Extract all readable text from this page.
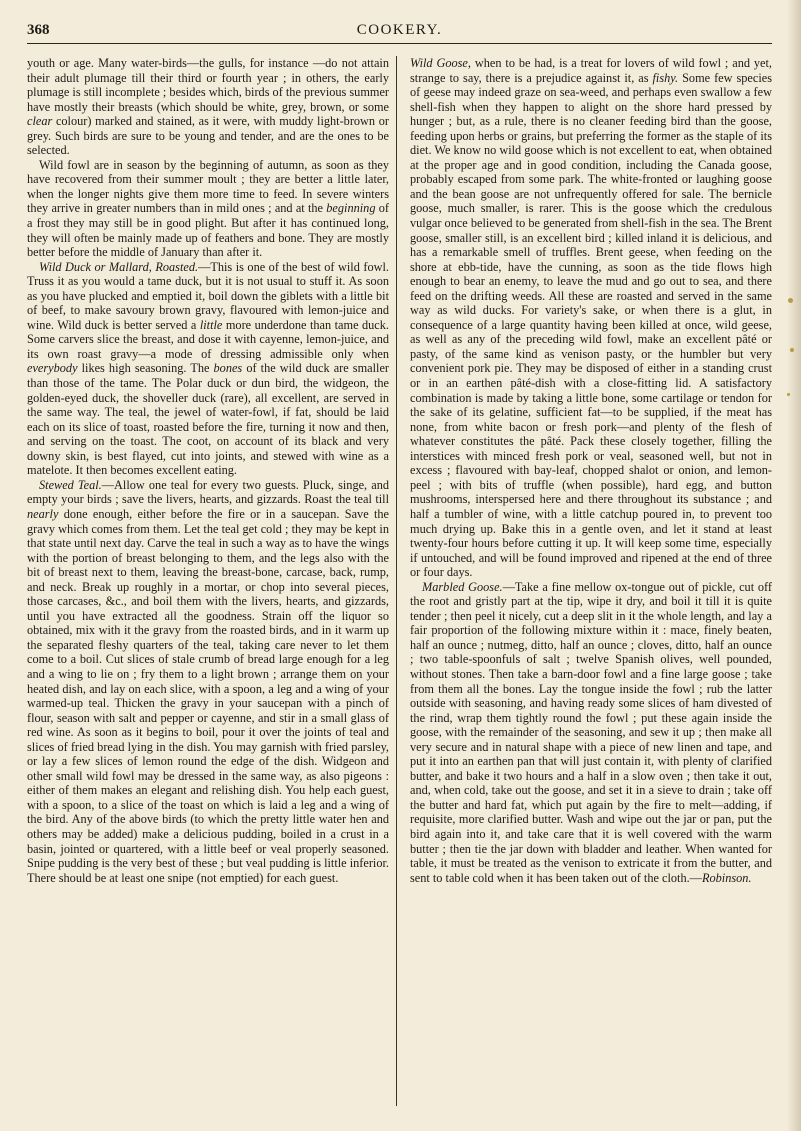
368	COOKERY.

youth or age. Many water-birds—the gulls, for instance —do not attain their adult plumage till their third or fourth year ; in others, the early plumage is still incomplete ; besides which, birds of the previous summer have mostly their breasts (which should be white, grey, brown, or some clear colour) marked and stained, as it were, with muddy light-brown or grey. Such birds are sure to be young and tender, and are the ones to be selected.

Wild fowl are in season by the beginning of autumn, as soon as they have recovered from their summer moult ; they are better a little later, when the longer nights give them more time to feed. In severe winters they arrive in greater numbers than in mild ones ; and at the beginning of a frost they may still be in good plight. But after it has continued long, they will often be mainly made up of feathers and bone. They are mostly better before the middle of January than after it.

Wild Duck or Mallard, Roasted.—This is one of the best of wild fowl. Truss it as you would a tame duck, but it is not usual to stuff it. As soon as you have plucked and emptied it, boil down the giblets with a little bit of beef, to make savoury brown gravy, flavoured with lemon-juice and wine. Wild duck is better served a little more underdone than tame duck. Some carvers slice the breast, and dose it with cayenne, lemon-juice, and its own roast gravy—a mode of dressing admissible only when everybody likes high seasoning. The bones of the wild duck are smaller than those of the tame. The Polar duck or dun bird, the widgeon, the golden-eyed duck, the shoveller duck (rare), all excellent, are served in the same way. The teal, the jewel of water-fowl, if fat, should be laid each on its slice of toast, roasted before the fire, turning it now and then, and serving on the toast. The coot, on account of its black and very downy skin, is best flayed, cut into joints, and stewed with wine as a matelote. It then becomes excellent eating.

Stewed Teal.—Allow one teal for every two guests. Pluck, singe, and empty your birds ; save the livers, hearts, and gizzards. Roast the teal till nearly done enough, either before the fire or in a saucepan. Save the gravy which comes from them. Let the teal get cold ; they may be kept in that state until next day. Carve the teal in such a way as to have the wings with the portion of breast belonging to them, and the legs also with the bit of breast next to them, leaving the breast-bone, carcase, back, rump, and neck. Break up roughly in a mortar, or chop into several pieces, those carcases, &c., and boil them with the livers, hearts, and gizzards, until you have extracted all the goodness. Strain off the liquor so obtained, mix with it the gravy from the roasted birds, and in it warm up the separated fleshy quarters of the teal, taking care never to let them come to a boil. Cut slices of stale crumb of bread large enough for a leg and a wing to lie on ; fry them to a light brown ; arrange them on your heated dish, and lay on each slice, with a spoon, a leg and a wing of your warmed-up teal. Thicken the gravy in your saucepan with a pinch of flour, season with salt and pepper or cayenne, and stir in a small glass of red wine. As soon as it begins to boil, pour it over the joints of teal and slices of fried bread lying in the dish. You may garnish with fried parsley, or lay a few slices of lemon round the edge of the dish. Widgeon and other small wild fowl may be dressed in the same way, as also pigeons : either of them makes an elegant and relishing dish. You help each guest, with a spoon, to a slice of the toast on which is laid a leg and a wing of the bird. Any of the above birds (to which the pretty little water hen and others may be added) make a delicious pudding, boiled in a crust in a basin, jointed or quartered, with a little beef or veal properly seasoned. Snipe pudding is the very best of these ; but veal pudding is little inferior. There should be at least one snipe (not emptied) for each guest.

Wild Goose, when to be had, is a treat for lovers of wild fowl ; and yet, strange to say, there is a prejudice against it, as fishy. Some few species of geese may indeed graze on sea-weed, and perhaps even swallow a few shell-fish when they happen to alight on the shore hard pressed by hunger ; but, as a rule, there is no cleaner feeding bird than the goose, feeding upon herbs or grains, but preferring the former as the staple of its diet. We know no wild goose which is not excellent to eat, when obtained at the proper age and in good condition, including the Canada goose, probably escaped from some park. The white-fronted or laughing goose and the bean goose are not unfrequently offered for sale. The bernicle goose, much smaller, is rarer. This is the goose which the credulous vulgar once believed to be generated from shell-fish in the sea. The Brent goose, smaller still, is an excellent bird ; killed inland it is delicious, and has a remarkable smell of truffles. Brent geese, when feeding on the shore at ebb-tide, have the cunning, as soon as the tide flows high enough to bear an enemy, to leave the mud and go out to sea, and there feed on the drifting weeds. All these are roasted and served in the same way as wild ducks. For variety's sake, or when there is a glut, in consequence of a large quantity having been killed at once, wild geese, as well as any of the preceding wild fowl, make an excellent pâté or pasty, of the same kind as venison pasty, or the humbler but very convenient pork pie. They may be disposed of either in a standing crust or in an earthen pâté-dish with a close-fitting lid. A satisfactory combination is made by taking a little bone, some cartilage or tendon for the sake of its gelatine, sufficient fat—to be supplied, if the meat has none, from white bacon or fresh pork—and plenty of the flesh of whatever constitutes the pâté. Pack these closely together, filling the interstices with minced fresh pork or veal, seasoned well, but not in excess ; flavoured with bay-leaf, chopped shalot or onion, and lemon-peel ; with bits of truffle (when possible), hard egg, and button mushrooms, interspersed here and there throughout its substance ; and half a tumbler of wine, with a little catchup poured in, to prevent too much drying up. Bake this in a gentle oven, and let it stand at least twenty-four hours before cutting it up. It will keep some time, especially if untouched, and will be found improved and ripened at the end of three or four days.

Marbled Goose.—Take a fine mellow ox-tongue out of pickle, cut off the root and gristly part at the tip, wipe it dry, and boil it till it is quite tender ; then peel it nicely, cut a deep slit in it the whole length, and lay a fair proportion of the following mixture within it : mace, finely beaten, half an ounce ; nutmeg, ditto, half an ounce ; cloves, ditto, half an ounce ; two table-spoonfuls of salt ; twelve Spanish olives, well pounded, without stones. Then take a barn-door fowl and a fine large goose ; take from them all the bones. Lay the tongue inside the fowl ; rub the latter outside with seasoning, and having ready some slices of ham divested of the rind, wrap them tightly round the fowl ; put these again inside the goose, with the remainder of the seasoning, and sew it up ; then make all very secure and in natural shape with a piece of new linen and tape, and put it into an earthen pan that will just contain it, with plenty of clarified butter, and bake it two hours and a half in a slow oven ; then take it out, and, when cold, take out the goose, and set it in a sieve to drain ; take off the butter and hard fat, which put again by the fire to melt—adding, if requisite, more clarified butter. Wash and wipe out the jar or pan, put the bird again into it, and take care that it is well covered with the warm butter ; then tie the jar down with bladder and leather. When wanted for table, it must be treated as the venison to extricate it from the butter, and sent to table cold when it has been taken out of the cloth.—Robinson.
